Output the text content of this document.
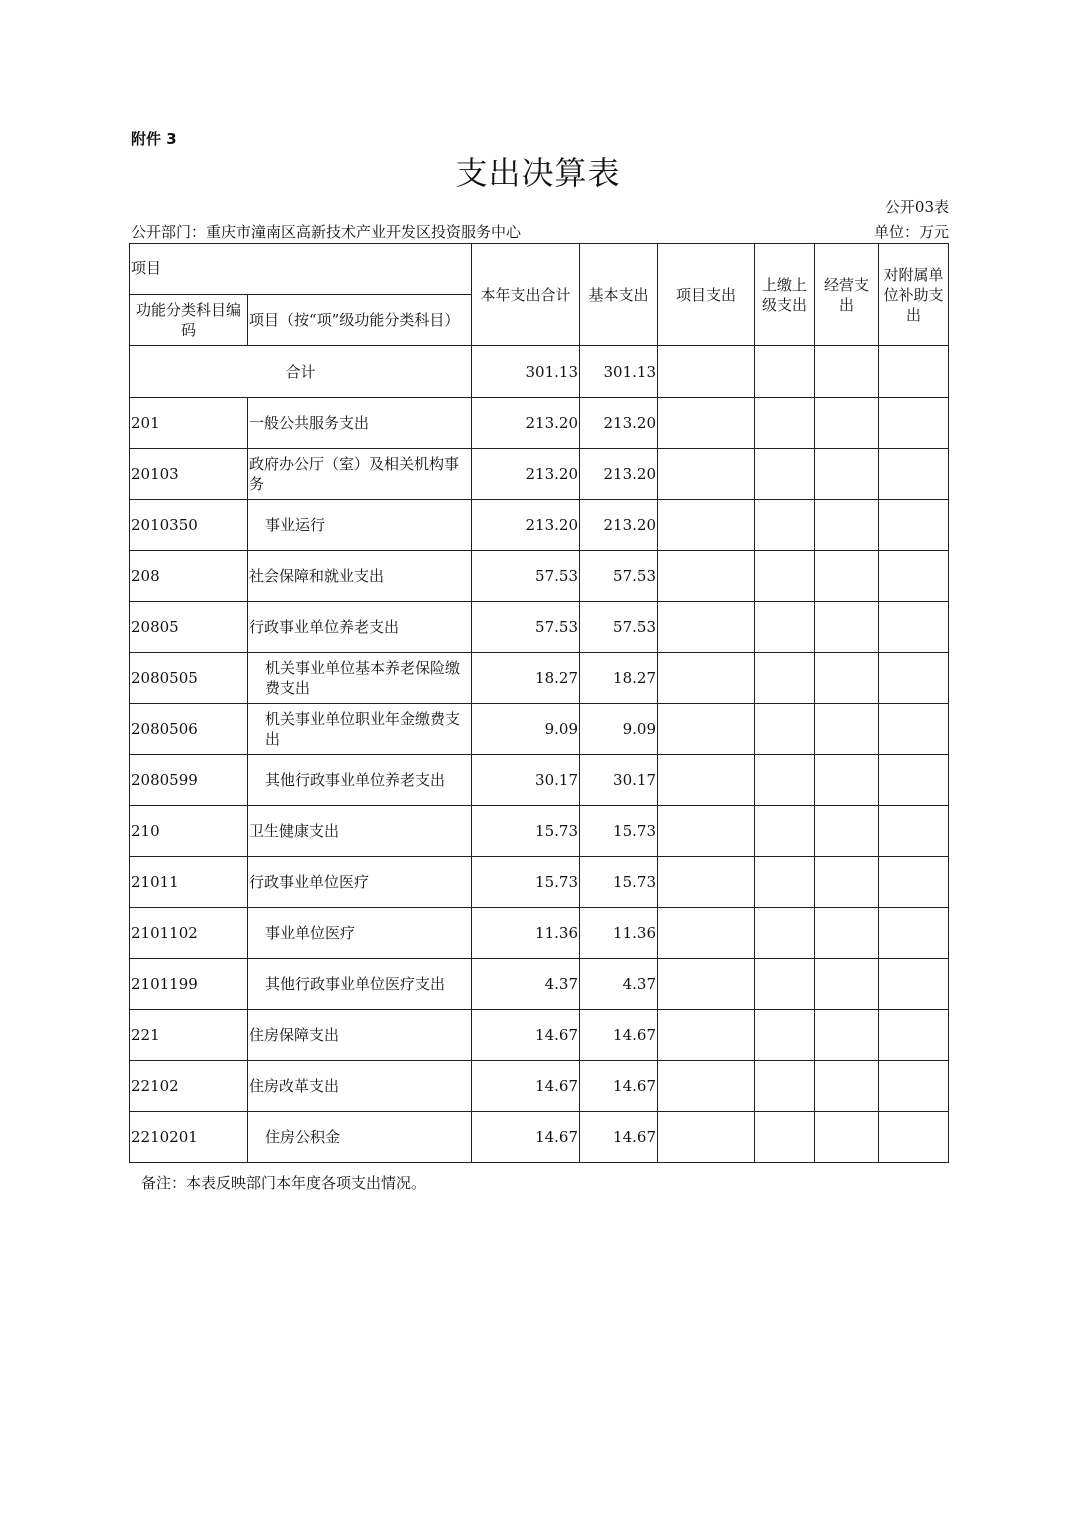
附件 3
支出决算表
公开03表
公开部门：重庆市潼南区高新技术产业开发区投资服务中心	单位：万元
项目		本年支出合计	基本支出	项目支出	上缴上级支出	经营支出	对附属单位补助支出
功能分类科目编码	项目（按“项”级功能分类科目）						
合计		301.13	301.13				
201	一般公共服务支出	213.20	213.20				
20103	政府办公厅（室）及相关机构事务	213.20	213.20				
2010350	事业运行	213.20	213.20				
208	社会保障和就业支出	57.53	57.53				
20805	行政事业单位养老支出	57.53	57.53				
2080505	机关事业单位基本养老保险缴费支出	18.27	18.27				
2080506	机关事业单位职业年金缴费支出	9.09	9.09				
2080599	其他行政事业单位养老支出	30.17	30.17				
210	卫生健康支出	15.73	15.73				
21011	行政事业单位医疗	15.73	15.73				
2101102	事业单位医疗	11.36	11.36				
2101199	其他行政事业单位医疗支出	4.37	4.37				
221	住房保障支出	14.67	14.67				
22102	住房改革支出	14.67	14.67				
2210201	住房公积金	14.67	14.67				
备注：本表反映部门本年度各项支出情况。
